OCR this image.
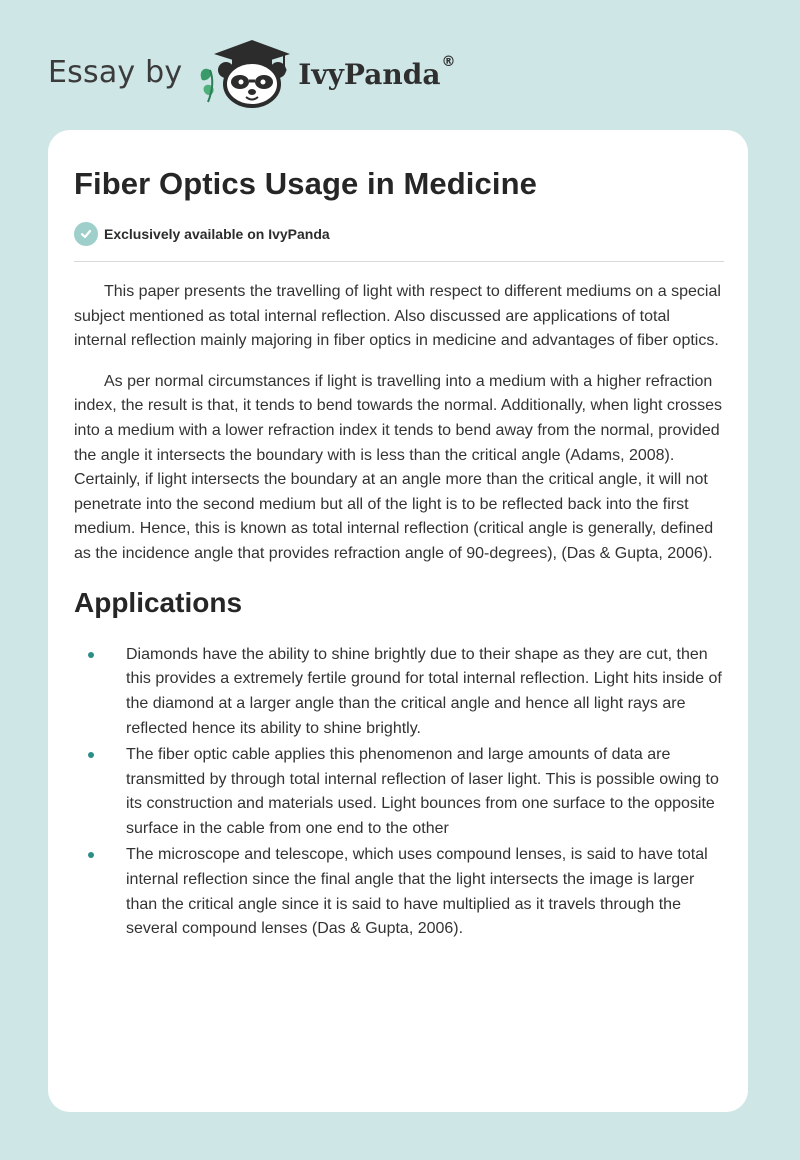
Essay by	IvyPanda®
Fiber Optics Usage in Medicine
Exclusively available on IvyPanda

This paper presents the travelling of light with respect to different mediums on a special subject mentioned as total internal reflection. Also discussed are applications of total internal reflection mainly majoring in fiber optics in medicine and advantages of fiber optics.

As per normal circumstances if light is travelling into a medium with a higher refraction index, the result is that, it tends to bend towards the normal. Additionally, when light crosses into a medium with a lower refraction index it tends to bend away from the normal, provided the angle it intersects the boundary with is less than the critical angle (Adams, 2008). Certainly, if light intersects the boundary at an angle more than the critical angle, it will not penetrate into the second medium but all of the light is to be reflected back into the first medium. Hence, this is known as total internal reflection (critical angle is generally, defined as the incidence angle that provides refraction angle of 90-degrees), (Das & Gupta, 2006).

Applications
Diamonds have the ability to shine brightly due to their shape as they are cut, then this provides a extremely fertile ground for total internal reflection. Light hits inside of the diamond at a larger angle than the critical angle and hence all light rays are reflected hence its ability to shine brightly.
The fiber optic cable applies this phenomenon and large amounts of data are transmitted by through total internal reflection of laser light. This is possible owing to its construction and materials used. Light bounces from one surface to the opposite surface in the cable from one end to the other
The microscope and telescope, which uses compound lenses, is said to have total internal reflection since the final angle that the light intersects the image is larger than the critical angle since it is said to have multiplied as it travels through the several compound lenses (Das & Gupta, 2006).
